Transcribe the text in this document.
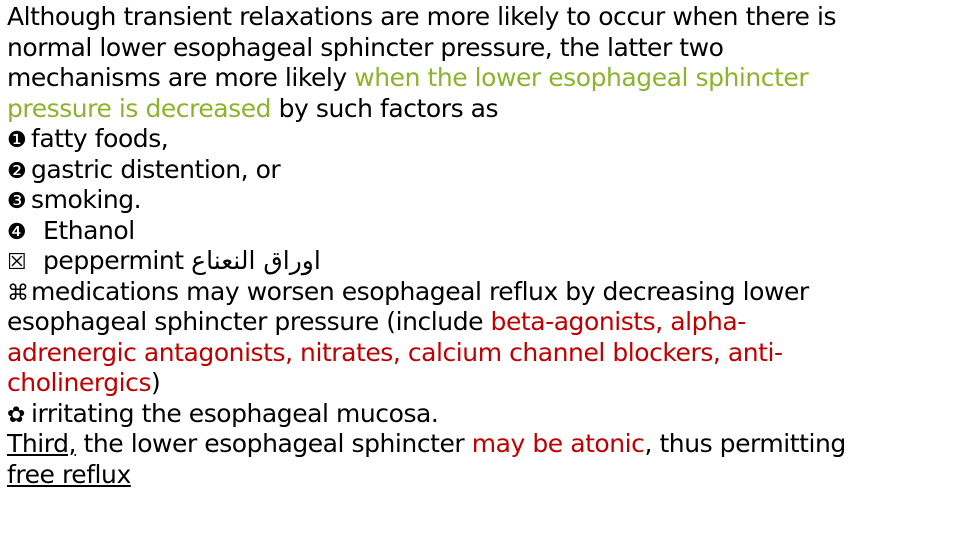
Although transient relaxations are more likely to occur when there is
normal lower esophageal sphincter pressure, the latter two
mechanisms are more likely when the lower esophageal sphincter
pressure is decreased by such factors as
❶ fatty foods,
❷ gastric distention, or
❸ smoking.
❹ Ethanol
☒ peppermint اوراق النعناع
⌘medications may worsen esophageal reflux by decreasing lower
esophageal sphincter pressure (include beta-agonists, alpha-
adrenergic antagonists, nitrates, calcium channel blockers, anti-
cholinergics)
✿ irritating the esophageal mucosa.
Third, the lower esophageal sphincter may be atonic, thus permitting
free reflux
